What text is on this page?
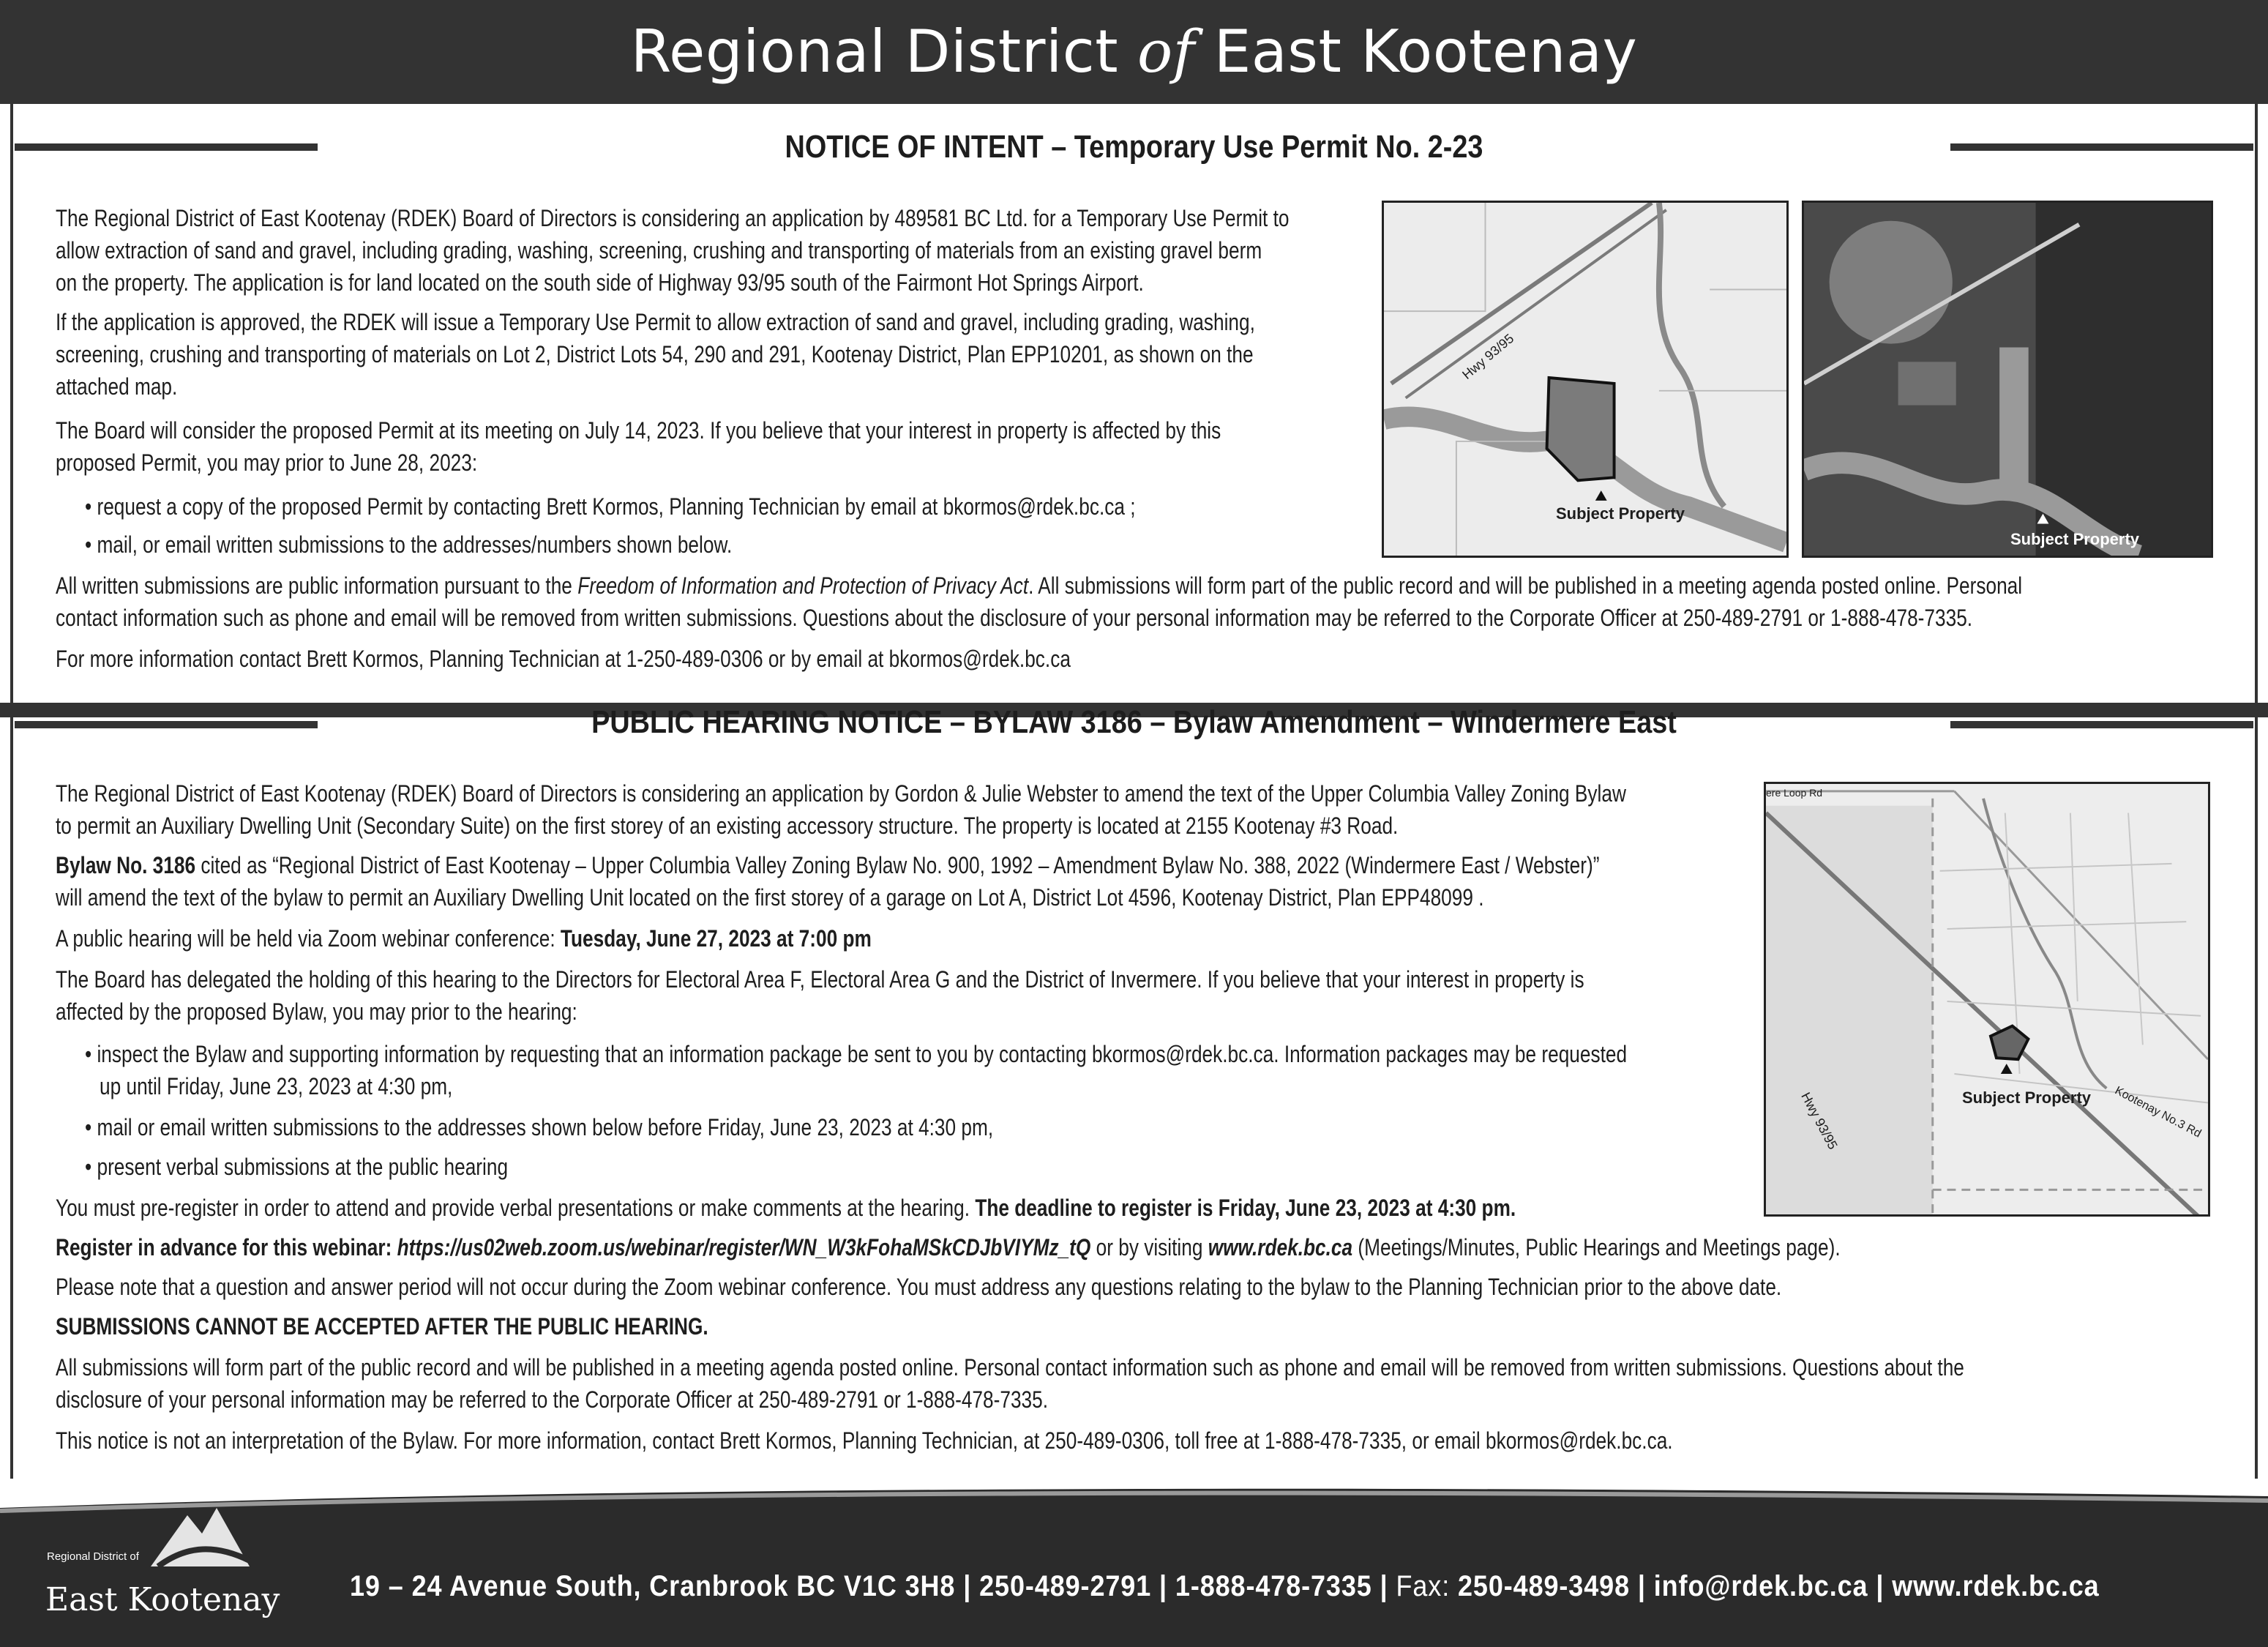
Regional District of East Kootenay
NOTICE OF INTENT – Temporary Use Permit No. 2-23
The Regional District of East Kootenay (RDEK) Board of Directors is considering an application by 489581 BC Ltd. for a Temporary Use Permit to
allow extraction of sand and gravel, including grading, washing, screening, crushing and transporting of materials from an existing gravel berm
on the property. The application is for land located on the south side of Highway 93/95 south of the Fairmont Hot Springs Airport.
If the application is approved, the RDEK will issue a Temporary Use Permit to allow extraction of sand and gravel, including grading, washing,
screening, crushing and transporting of materials on Lot 2, District Lots 54, 290 and 291, Kootenay District, Plan EPP10201, as shown on the
attached map.
The Board will consider the proposed Permit at its meeting on July 14, 2023. If you believe that your interest in property is affected by this
proposed Permit, you may prior to June 28, 2023:
• request a copy of the proposed Permit by contacting Brett Kormos, Planning Technician by email at bkormos@rdek.bc.ca ;
• mail, or email written submissions to the addresses/numbers shown below.
All written submissions are public information pursuant to the Freedom of Information and Protection of Privacy Act. All submissions will form part of the public record and will be published in a meeting agenda posted online. Personal
contact information such as phone and email will be removed from written submissions. Questions about the disclosure of your personal information may be referred to the Corporate Officer at 250-489-2791 or 1-888-478-7335.
For more information contact Brett Kormos, Planning Technician at 1-250-489-0306 or by email at bkormos@rdek.bc.ca
Subject Property
Hwy 93/95
Subject Property
PUBLIC HEARING NOTICE – BYLAW 3186 – Bylaw Amendment – Windermere East
The Regional District of East Kootenay (RDEK) Board of Directors is considering an application by Gordon & Julie Webster to amend the text of the Upper Columbia Valley Zoning Bylaw
to permit an Auxiliary Dwelling Unit (Secondary Suite) on the first storey of an existing accessory structure. The property is located at 2155 Kootenay #3 Road.
Bylaw No. 3186 cited as “Regional District of East Kootenay – Upper Columbia Valley Zoning Bylaw No. 900, 1992 – Amendment Bylaw No. 388, 2022 (Windermere East / Webster)”
will amend the text of the bylaw to permit an Auxiliary Dwelling Unit located on the first storey of a garage on Lot A, District Lot 4596, Kootenay District, Plan EPP48099 .
A public hearing will be held via Zoom webinar conference: Tuesday, June 27, 2023 at 7:00 pm
The Board has delegated the holding of this hearing to the Directors for Electoral Area F, Electoral Area G and the District of Invermere. If you believe that your interest in property is
affected by the proposed Bylaw, you may prior to the hearing:
• inspect the Bylaw and supporting information by requesting that an information package be sent to you by contacting bkormos@rdek.bc.ca. Information packages may be requested
up until Friday, June 23, 2023 at 4:30 pm,
• mail or email written submissions to the addresses shown below before Friday, June 23, 2023 at 4:30 pm,
• present verbal submissions at the public hearing
You must pre-register in order to attend and provide verbal presentations or make comments at the hearing. The deadline to register is Friday, June 23, 2023 at 4:30 pm.
Register in advance for this webinar: https://us02web.zoom.us/webinar/register/WN_W3kFohaMSkCDJbVIYMz_tQ or by visiting www.rdek.bc.ca (Meetings/Minutes, Public Hearings and Meetings page).
Please note that a question and answer period will not occur during the Zoom webinar conference. You must address any questions relating to the bylaw to the Planning Technician prior to the above date.
SUBMISSIONS CANNOT BE ACCEPTED AFTER THE PUBLIC HEARING.
All submissions will form part of the public record and will be published in a meeting agenda posted online. Personal contact information such as phone and email will be removed from written submissions. Questions about the
disclosure of your personal information may be referred to the Corporate Officer at 250-489-2791 or 1-888-478-7335.
This notice is not an interpretation of the Bylaw. For more information, contact Brett Kormos, Planning Technician, at 250-489-0306, toll free at 1-888-478-7335, or email bkormos@rdek.bc.ca.
Subject Property
ere Loop Rd
Hwy 93/95	Kootenay No.3 Rd
Regional District of
East Kootenay 19 – 24 Avenue South, Cranbrook BC V1C 3H8 | 250-489-2791 | 1-888-478-7335 | Fax: 250-489-3498 | info@rdek.bc.ca | www.rdek.bc.ca
